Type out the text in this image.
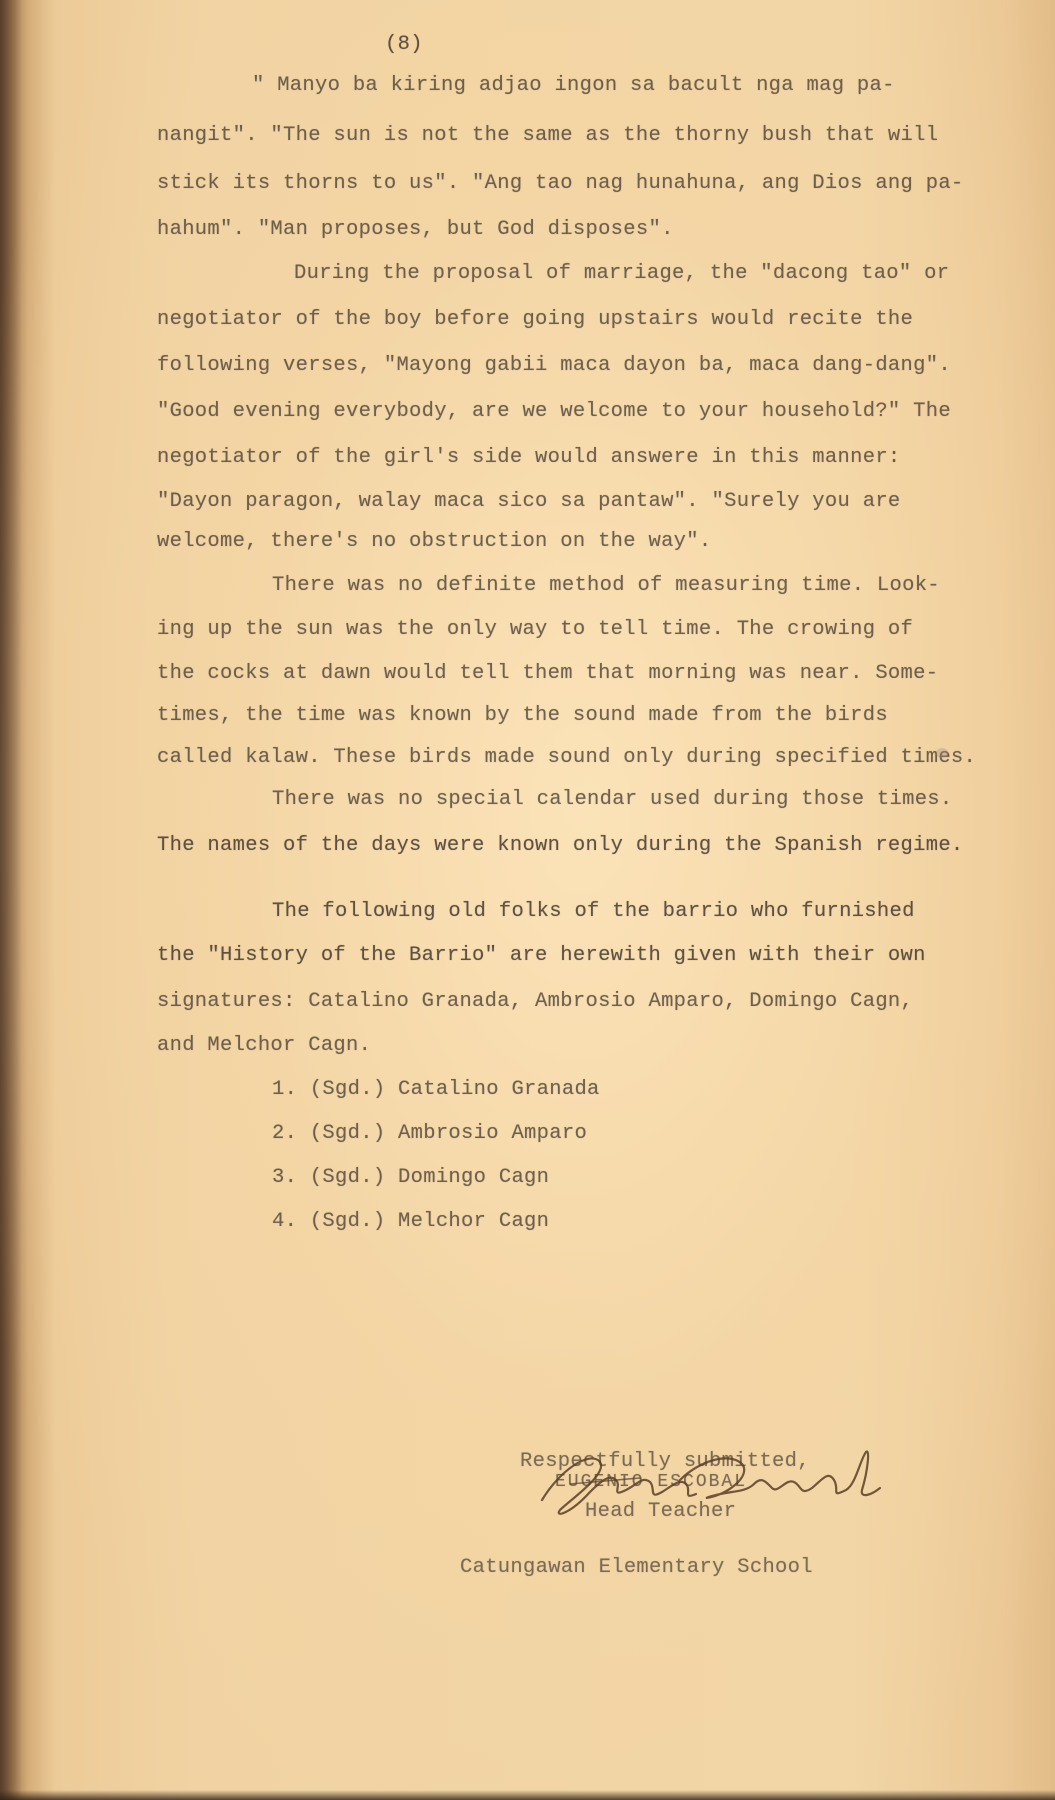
(8)
" Manyo ba kiring adjao ingon sa bacult nga mag pa-
nangit". "The sun is not the same as the thorny bush that will
stick its thorns to us". "Ang tao nag hunahuna, ang Dios ang pa-
hahum". "Man proposes, but God disposes".
During the proposal of marriage, the "dacong tao" or
negotiator of the boy before going upstairs would recite the
following verses, "Mayong gabii maca dayon ba, maca dang-dang".
"Good evening everybody, are we welcome to your household?" The
negotiator of the girl's side would answere in this manner:
"Dayon paragon, walay maca sico sa pantaw". "Surely you are
welcome, there's no obstruction on the way".
There was no definite method of measuring time. Look-
ing up the sun was the only way to tell time. The crowing of
the cocks at dawn would tell them that morning was near. Some-
times, the time was known by the sound made from the birds
called kalaw. These birds made sound only during specified times.
There was no special calendar used during those times.
The names of the days were known only during the Spanish regime.
The following old folks of the barrio who furnished
the "History of the Barrio" are herewith given with their own
signatures: Catalino Granada, Ambrosio Amparo, Domingo Cagn,
and Melchor Cagn.
1. (Sgd.) Catalino Granada
2. (Sgd.) Ambrosio Amparo
3. (Sgd.) Domingo Cagn
4. (Sgd.) Melchor Cagn
Respectfully submitted,
EUGENIO ESCOBAL
Head Teacher
Catungawan Elementary School
